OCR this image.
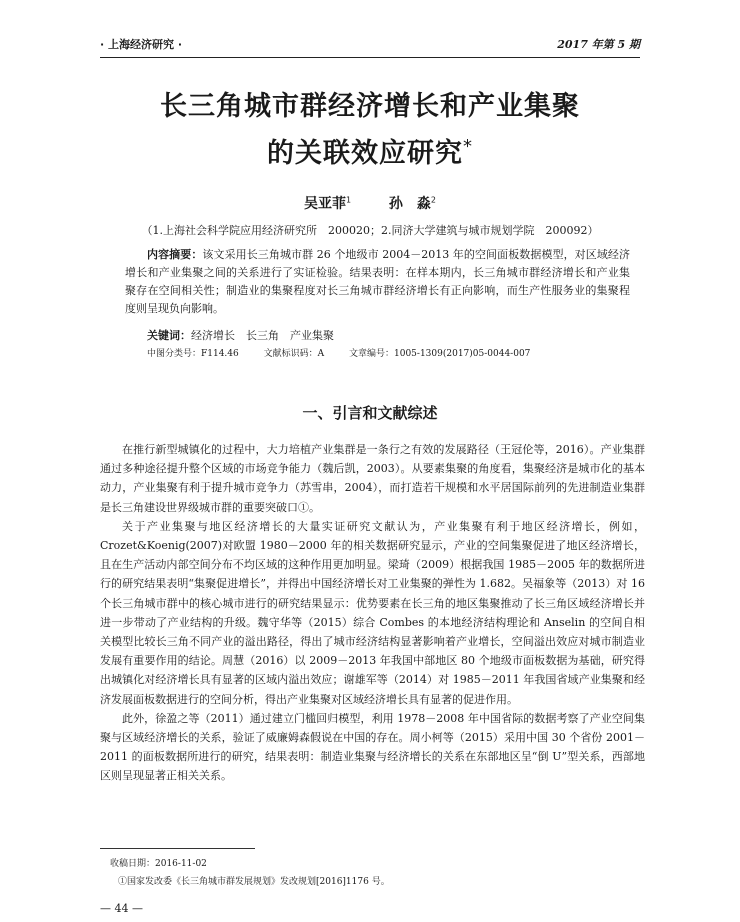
· 上海经济研究 ·	2017 年第 5 期
长三角城市群经济增长和产业集聚
的关联效应研究*
吴亚菲$^1$	孙　淼$^2$
（1.上海社会科学院应用经济研究所　200020；2.同济大学建筑与城市规划学院　200092）
内容摘要：该文采用长三角城市群 26 个地级市 2004－2013 年的空间面板数据模型，对区域经济增长和产业集聚之间的关系进行了实证检验。结果表明：在样本期内，长三角城市群经济增长和产业集聚存在空间相关性；制造业的集聚程度对长三角城市群经济增长有正向影响，而生产性服务业的集聚程度则呈现负向影响。
关键词：经济增长　长三角　产业集聚
中图分类号：F114.46	文献标识码：A	文章编号：1005-1309(2017)05-0044-007
一、引言和文献综述

在推行新型城镇化的过程中，大力培植产业集群是一条行之有效的发展路径（王冠伦等，2016）。产业集群通过多种途径提升整个区域的市场竞争能力（魏后凯，2003）。从要素集聚的角度看，集聚经济是城市化的基本动力，产业集聚有利于提升城市竞争力（苏雪串，2004），而打造若干规模和水平居国际前列的先进制造业集群是长三角建设世界级城市群的重要突破口①。

关于产业集聚与地区经济增长的大量实证研究文献认为，产业集聚有利于地区经济增长，例如，Crozet&Koenig(2007)对欧盟 1980－2000 年的相关数据研究显示，产业的空间集聚促进了地区经济增长，且在生产活动内部空间分布不均区域的这种作用更加明显。梁琦（2009）根据我国 1985－2005 年的数据所进行的研究结果表明“集聚促进增长”，并得出中国经济增长对工业集聚的弹性为 1.682。吴福象等（2013）对 16 个长三角城市群中的核心城市进行的研究结果显示：优势要素在长三角的地区集聚推动了长三角区域经济增长并进一步带动了产业结构的升级。魏守华等（2015）综合 Combes 的本地经济结构理论和 Anselin 的空间自相关模型比较长三角不同产业的溢出路径，得出了城市经济结构显著影响着产业增长，空间溢出效应对城市制造业发展有重要作用的结论。周慧（2016）以 2009－2013 年我国中部地区 80 个地级市面板数据为基础，研究得出城镇化对经济增长具有显著的区域内溢出效应；谢雄军等（2014）对 1985－2011 年我国省域产业集聚和经济发展面板数据进行的空间分析，得出产业集聚对区域经济增长具有显著的促进作用。

此外，徐盈之等（2011）通过建立门槛回归模型，利用 1978－2008 年中国省际的数据考察了产业空间集聚与区域经济增长的关系，验证了威廉姆森假说在中国的存在。周小柯等（2015）采用中国 30 个省份 2001－2011 的面板数据所进行的研究，结果表明：制造业集聚与经济增长的关系在东部地区呈“倒 U”型关系，西部地区则呈现显著正相关关系。

收稿日期：2016-11-02
①国家发改委《长三角城市群发展规划》发改规划[2016]1176 号。
— 44 —
